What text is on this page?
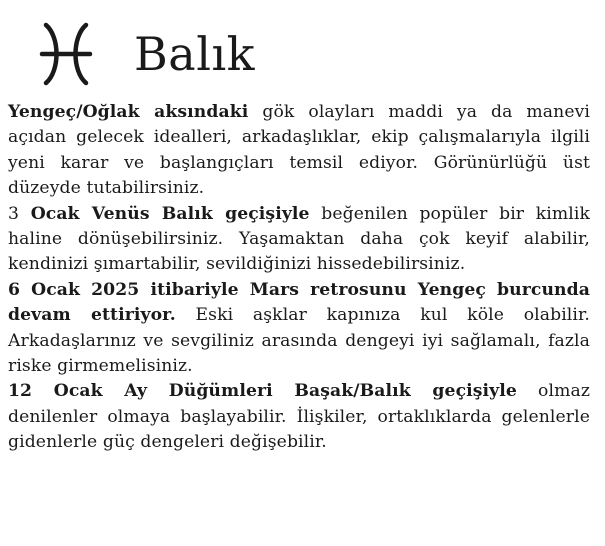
Balık

Yengeç/Oğlak aksındaki gök olayları maddi ya da manevi açıdan gelecek idealleri, arkadaşlıklar, ekip çalışmalarıyla ilgili yeni karar ve başlangıçları temsil ediyor. Görünürlüğü üst düzeyde tutabilirsiniz.

3 Ocak Venüs Balık geçişiyle beğenilen popüler bir kimlik haline dönüşebilirsiniz. Yaşamaktan daha çok keyif alabilir, kendinizi şımartabilir, sevildiğinizi hissedebilirsiniz.

6 Ocak 2025 itibariyle Mars retrosunu Yengeç burcunda devam ettiriyor. Eski aşklar kapınıza kul köle olabilir. Arkadaşlarınız ve sevgiliniz arasında dengeyi iyi sağlamalı, fazla riske girmemelisiniz.

12 Ocak Ay Düğümleri Başak/Balık geçişiyle olmaz denilenler olmaya başlayabilir. İlişkiler, ortaklıklarda gelenlerle gidenlerle güç dengeleri değişebilir.
